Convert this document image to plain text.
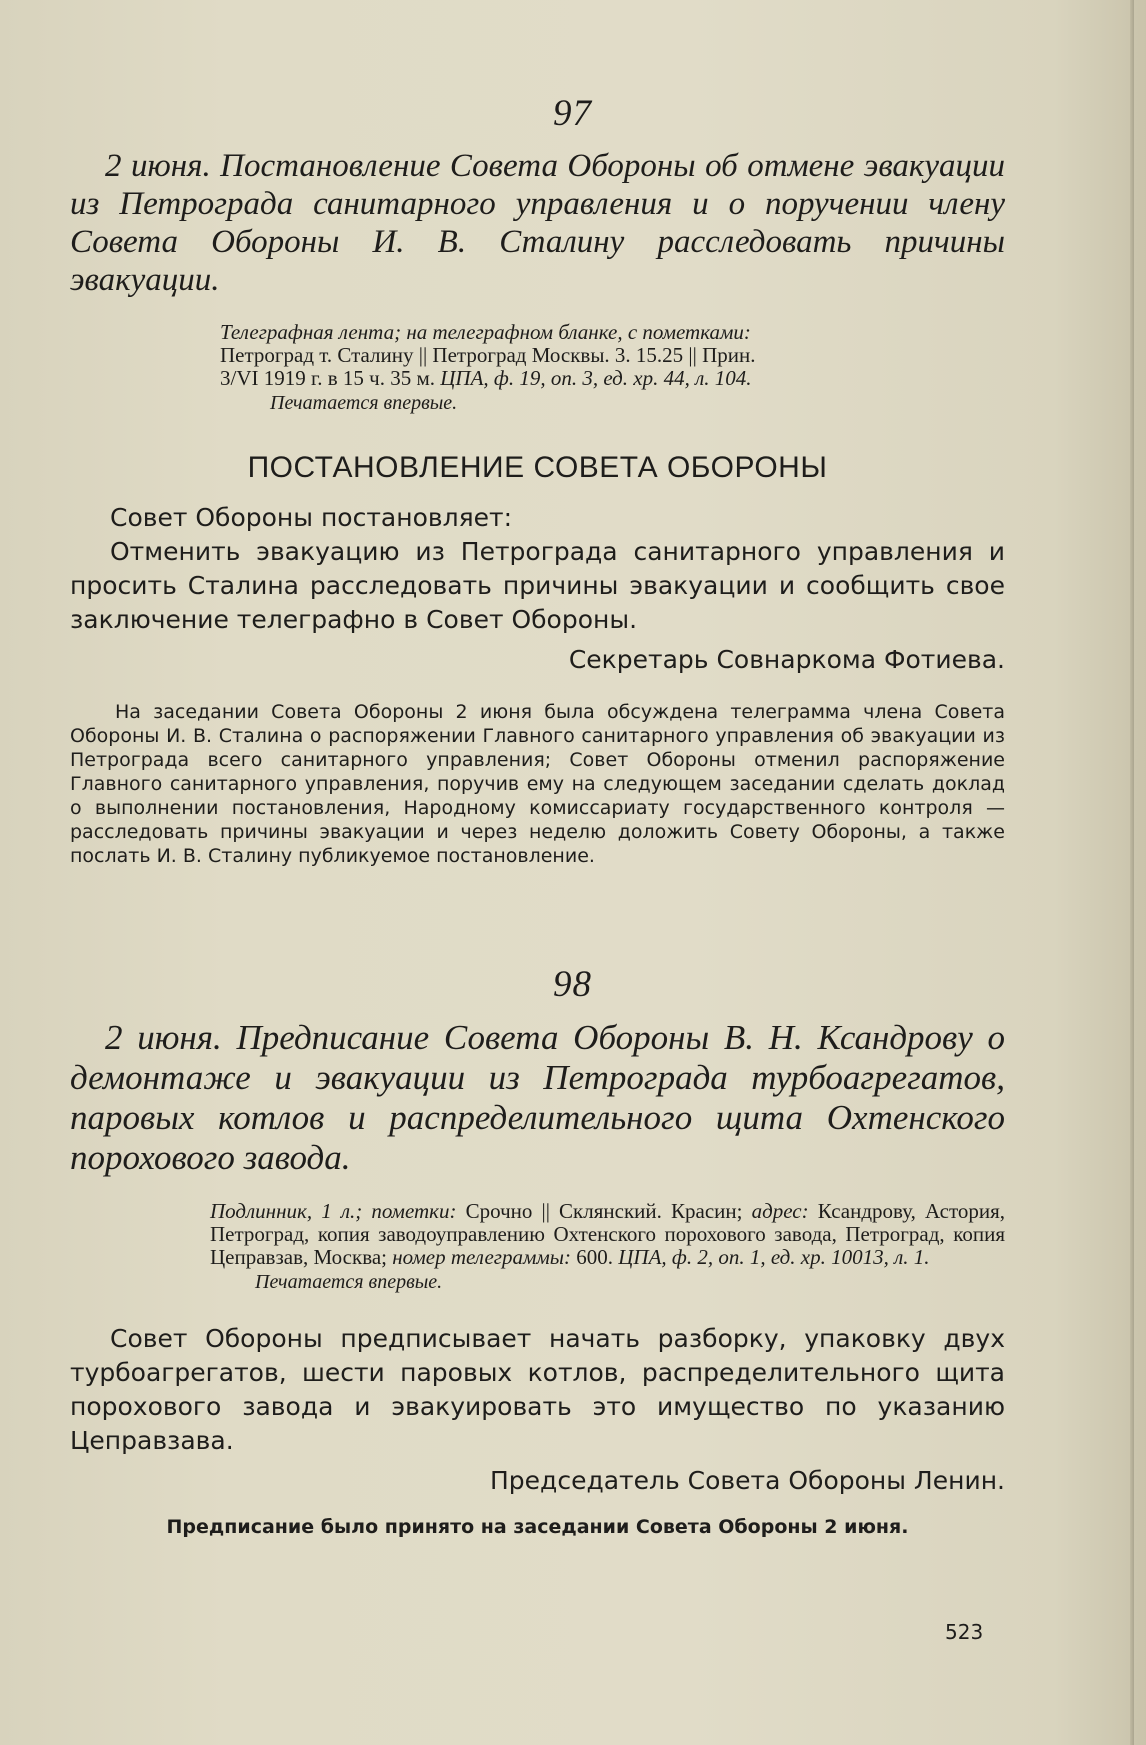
97

2 июня. Постановление Совета Обороны об отмене эвакуации из Петрограда санитарного управления и о поручении члену Совета Обороны И. В. Сталину расследовать причины эвакуации.

Телеграфная лента; на телеграфном бланке, с пометками:
Петроград т. Сталину || Петроград Москвы. 3. 15.25 || Прин.
3/VI 1919 г. в 15 ч. 35 м. ЦПА, ф. 19, оп. 3, ед. хр. 44, л. 104.
Печатается впервые.
ПОСТАНОВЛЕНИЕ СОВЕТА ОБОРОНЫ

Совет Обороны постановляет:

Отменить эвакуацию из Петрограда санитарного управления и просить Сталина расследовать причины эвакуации и сообщить свое заключение телеграфно в Совет Обороны.

Секретарь Совнаркома Фотиева.

На заседании Совета Обороны 2 июня была обсуждена телеграмма члена Совета Обороны И. В. Сталина о распоряжении Главного санитарного управления об эвакуации из Петрограда всего санитарного управления; Совет Обороны отменил распоряжение Главного санитарного управления, поручив ему на следующем заседании сделать доклад о выполнении постановления, Народному комиссариату государственного контроля — расследовать причины эвакуации и через неделю доложить Совету Обороны, а также послать И. В. Сталину публикуемое постановление.

98

2 июня. Предписание Совета Обороны В. Н. Ксандрову о демонтаже и эвакуации из Петрограда турбоагрегатов, паровых котлов и распределительного щита Охтенского порохового завода.

Подлинник, 1 л.; пометки: Срочно || Склянский. Красин; адрес: Ксандрову, Астория, Петроград, копия заводоуправлению Охтенского порохового завода, Петроград, копия Цеправзав, Москва; номер телеграммы: 600. ЦПА, ф. 2, оп. 1, ед. хр. 10013, л. 1.
Печатается впервые.

Совет Обороны предписывает начать разборку, упаковку двух турбоагрегатов, шести паровых котлов, распределительного щита порохового завода и эвакуировать это имущество по указанию Цеправзава.

Председатель Совета Обороны Ленин.

Предписание было принято на заседании Совета Обороны 2 июня.

523
